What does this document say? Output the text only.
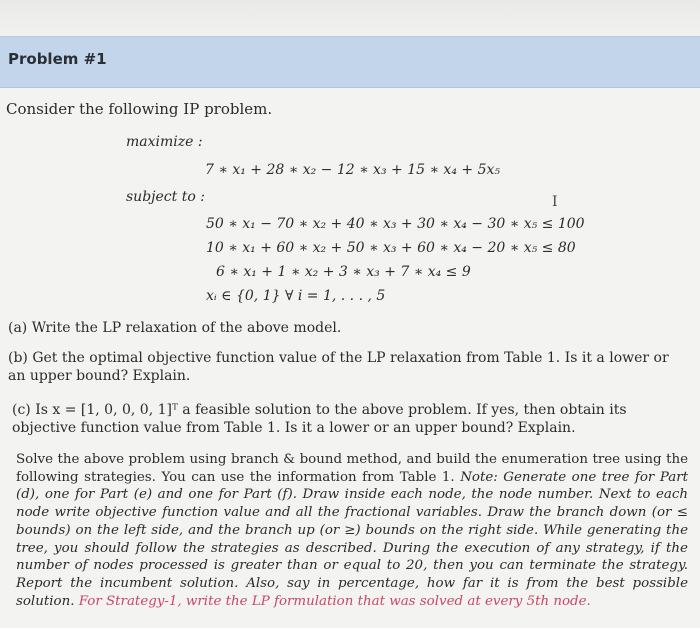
Problem #1
Consider the following IP problem.
maximize :
7 ∗ x₁ + 28 ∗ x₂ − 12 ∗ x₃ + 15 ∗ x₄ + 5x₅
subject to :	I
50 ∗ x₁ − 70 ∗ x₂ + 40 ∗ x₃ + 30 ∗ x₄ − 30 ∗ x₅ ≤ 100
10 ∗ x₁ + 60 ∗ x₂ + 50 ∗ x₃ + 60 ∗ x₄ − 20 ∗ x₅ ≤ 80
6 ∗ x₁ + 1 ∗ x₂ + 3 ∗ x₃ + 7 ∗ x₄ ≤ 9
xᵢ ∈ {0, 1} ∀ i = 1, . . . , 5
(a) Write the LP relaxation of the above model.
(b) Get the optimal objective function value of the LP relaxation from Table 1. Is it a lower or an upper bound? Explain.
(c) Is x = [1, 0, 0, 0, 1]ᵀ a feasible solution to the above problem. If yes, then obtain its objective function value from Table 1. Is it a lower or an upper bound? Explain.
Solve the above problem using branch & bound method, and build the enumeration tree using the following strategies. You can use the information from Table 1. Note: Generate one tree for Part (d), one for Part (e) and one for Part (f). Draw inside each node, the node number. Next to each node write objective function value and all the fractional variables. Draw the branch down (or ≤ bounds) on the left side, and the branch up (or ≥) bounds on the right side. While generating the tree, you should follow the strategies as described. During the execution of any strategy, if the number of nodes processed is greater than or equal to 20, then you can terminate the strategy. Report the incumbent solution. Also, say in percentage, how far it is from the best possible solution. For Strategy-1, write the LP formulation that was solved at every 5th node.
